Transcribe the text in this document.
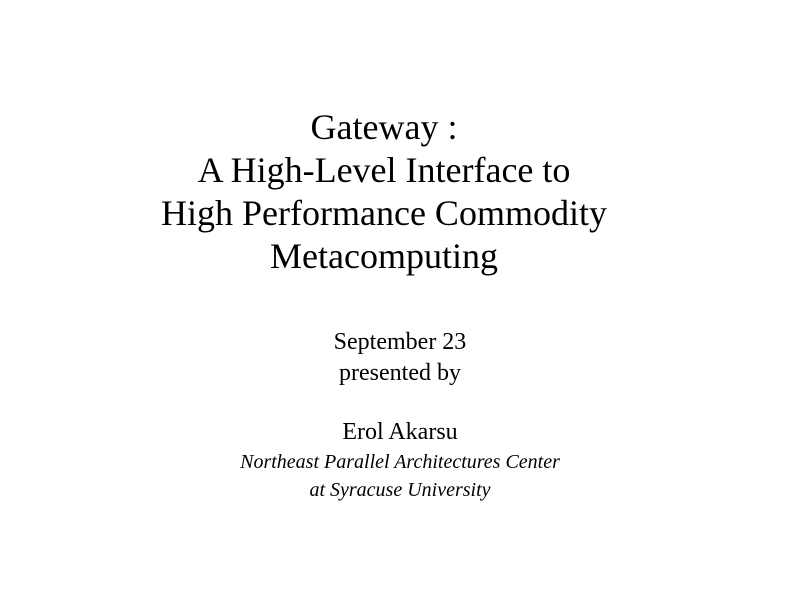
Gateway :
A High-Level Interface to
High Performance Commodity
Metacomputing
September 23
presented by
Erol Akarsu
Northeast Parallel Architectures Center
at Syracuse University
